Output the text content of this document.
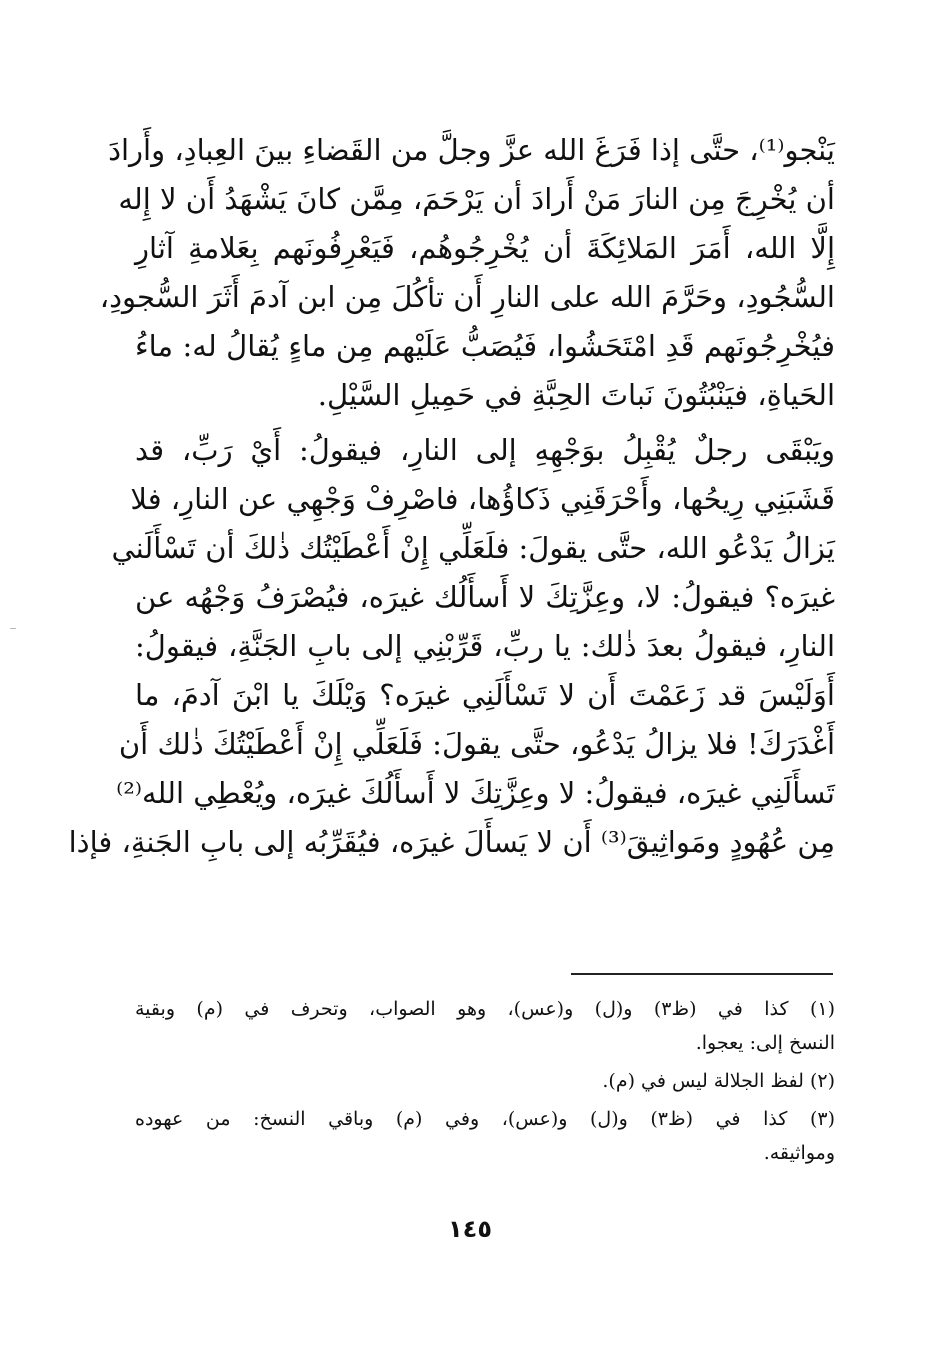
يَنْجو⁽¹⁾، حتَّى إذا فَرَغَ الله عزَّ وجلَّ من القَضاءِ بينَ العِبادِ، وأَرادَ
أن يُخْرِجَ مِن النارَ مَنْ أَرادَ أن يَرْحَمَ، مِمَّن كانَ يَشْهَدُ أَن لا إِله
إِلَّا الله، أَمَرَ المَلائِكَةَ أن يُخْرِجُوهُم، فَيَعْرِفُونَهم بِعَلامةِ آثارِ
السُّجُودِ، وحَرَّمَ الله على النارِ أَن تأكُلَ مِن ابن آدمَ أَثَرَ السُّجودِ،
فيُخْرِجُونَهم قَدِ امْتَحَشُوا، فَيُصَبُّ عَلَيْهم مِن ماءٍ يُقالُ له: ماءُ
الحَياةِ، فيَنْبُتُونَ نَباتَ الحِبَّةِ في حَمِيلِ السَّيْلِ.
ويَبْقَى رجلٌ يُقْبِلُ بوَجْهِهِ إلى النارِ، فيقولُ: أَيْ رَبِّ، قد
قَشَبَنِي رِيحُها، وأَحْرَقَنِي ذَكاؤُها، فاصْرِفْ وَجْهِي عن النارِ، فلا
يَزالُ يَدْعُو الله، حتَّى يقولَ: فلَعَلِّي إِنْ أَعْطَيْتُك ذٰلكَ أن تَسْأَلَني
غيرَه؟ فيقولُ: لا، وعِزَّتِكَ لا أَسأَلُك غيرَه، فيُصْرَفُ وَجْهُه عن
النارِ، فيقولُ بعدَ ذٰلك: يا ربِّ، قَرِّبْنِي إلى بابِ الجَنَّةِ، فيقولُ:
أَوَلَيْسَ قد زَعَمْتَ أَن لا تَسْأَلَنِي غيرَه؟ وَيْلَكَ يا ابْنَ آدمَ، ما
أَغْدَرَكَ! فلا يزالُ يَدْعُو، حتَّى يقولَ: فَلَعَلِّي إِنْ أَعْطَيْتُكَ ذٰلك أَن
تَسأَلَنِي غيرَه، فيقولُ: لا وعِزَّتِكَ لا أَسأَلُكَ غيرَه، ويُعْطِي الله⁽²⁾
مِن عُهُودٍ ومَواثِيقَ⁽³⁾ أَن لا يَسأَلَ غيرَه، فيُقَرِّبُه إلى بابِ الجَنةِ، فإذا
(١) كذا في (ظ٣) و(ل) و(عس)، وهو الصواب، وتحرف في (م) وبقية
النسخ إلى: يعجوا.
(٢) لفظ الجلالة ليس في (م).
(٣) كذا في (ظ٣) و(ل) و(عس)، وفي (م) وباقي النسخ: من عهوده
ومواثيقه.
١٤٥
